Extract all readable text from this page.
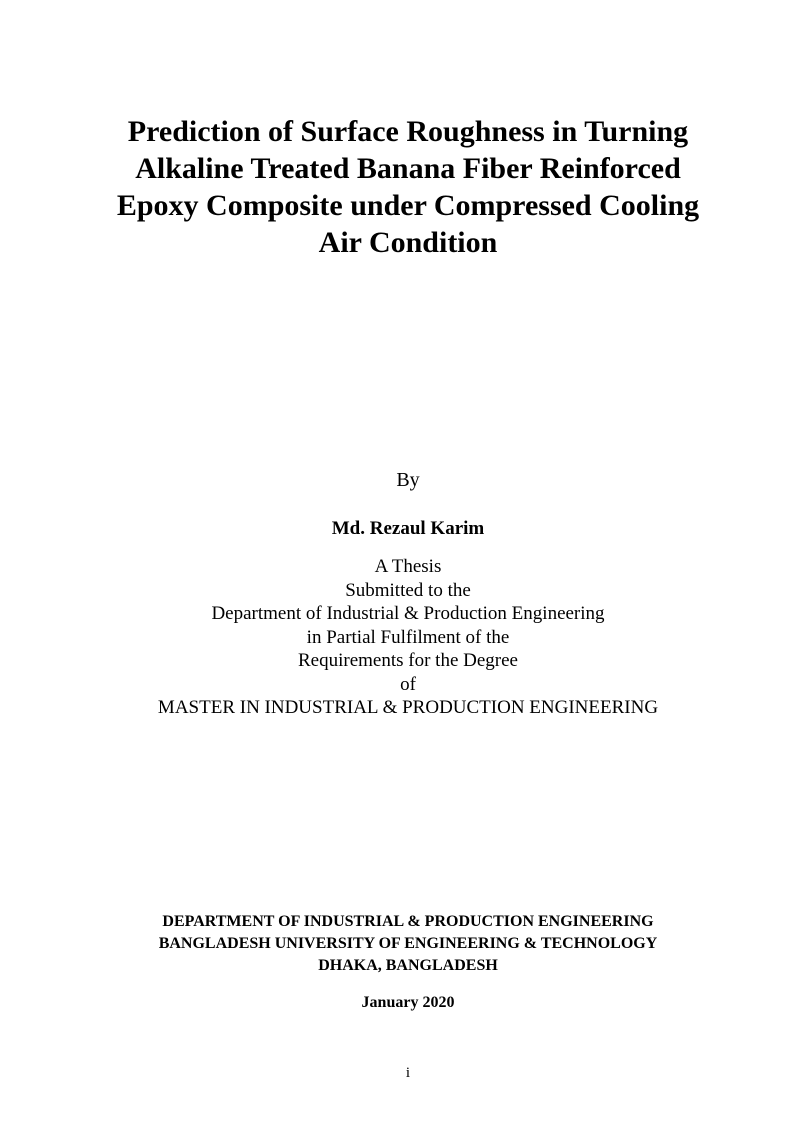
Prediction of Surface Roughness in Turning
Alkaline Treated Banana Fiber Reinforced
Epoxy Composite under Compressed Cooling
Air Condition
By
Md. Rezaul Karim
A Thesis
Submitted to the
Department of Industrial & Production Engineering
in Partial Fulfilment of the
Requirements for the Degree
of
MASTER IN INDUSTRIAL & PRODUCTION ENGINEERING
DEPARTMENT OF INDUSTRIAL & PRODUCTION ENGINEERING
BANGLADESH UNIVERSITY OF ENGINEERING & TECHNOLOGY
DHAKA, BANGLADESH
January 2020
i
